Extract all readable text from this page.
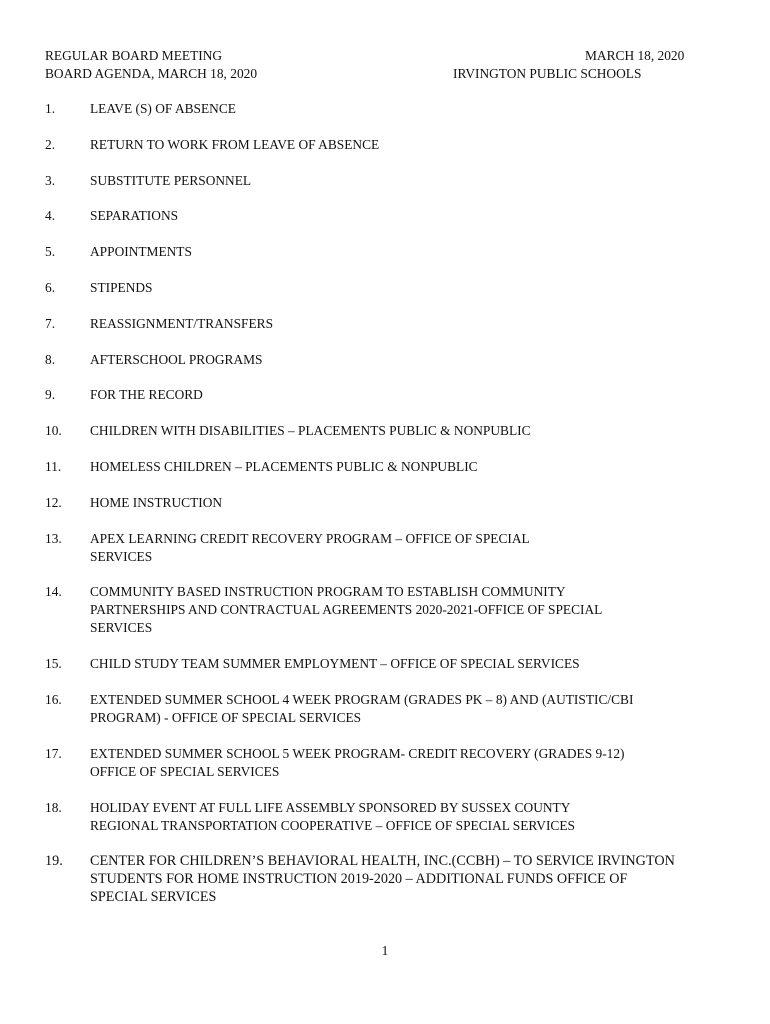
REGULAR BOARD MEETING
BOARD AGENDA, MARCH 18, 2020
MARCH 18, 2020
IRVINGTON PUBLIC SCHOOLS
1.	LEAVE (S) OF ABSENCE
2.	RETURN TO WORK FROM LEAVE OF ABSENCE
3.	SUBSTITUTE PERSONNEL
4.	SEPARATIONS
5.	APPOINTMENTS
6.	STIPENDS
7.	REASSIGNMENT/TRANSFERS
8.	AFTERSCHOOL PROGRAMS
9.	FOR THE RECORD
10.	CHILDREN WITH DISABILITIES – PLACEMENTS PUBLIC & NONPUBLIC
11.	HOMELESS CHILDREN – PLACEMENTS PUBLIC & NONPUBLIC
12.	HOME INSTRUCTION
13.	APEX LEARNING CREDIT RECOVERY PROGRAM – OFFICE OF SPECIAL
SERVICES
14.	COMMUNITY BASED INSTRUCTION PROGRAM TO ESTABLISH COMMUNITY
PARTNERSHIPS AND CONTRACTUAL AGREEMENTS 2020-2021-OFFICE OF SPECIAL
SERVICES
15.	CHILD STUDY TEAM SUMMER EMPLOYMENT – OFFICE OF SPECIAL SERVICES
16.	EXTENDED SUMMER SCHOOL 4 WEEK PROGRAM (GRADES PK – 8) AND (AUTISTIC/CBI
PROGRAM) - OFFICE OF SPECIAL SERVICES
17.	EXTENDED SUMMER SCHOOL 5 WEEK PROGRAM- CREDIT RECOVERY (GRADES 9-12)
OFFICE OF SPECIAL SERVICES
18.	HOLIDAY EVENT AT FULL LIFE ASSEMBLY SPONSORED BY SUSSEX COUNTY
REGIONAL TRANSPORTATION COOPERATIVE – OFFICE OF SPECIAL SERVICES
19.	CENTER FOR CHILDREN’S BEHAVIORAL HEALTH, INC.(CCBH) – TO SERVICE IRVINGTON
STUDENTS FOR HOME INSTRUCTION 2019-2020 – ADDITIONAL FUNDS OFFICE OF
SPECIAL SERVICES
1
